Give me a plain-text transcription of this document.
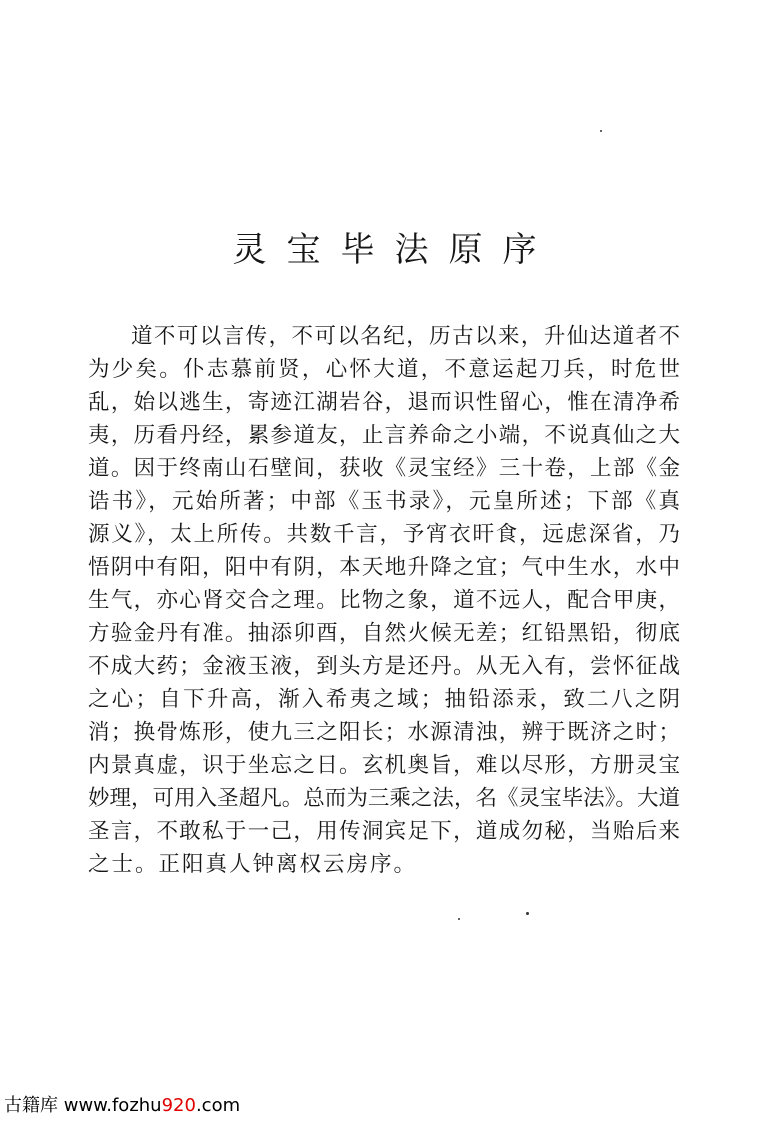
灵宝毕法原序
道不可以言传，不可以名纪，历古以来，升仙达道者不
为少矣。仆志慕前贤，心怀大道，不意运起刀兵，时危世
乱，始以逃生，寄迹江湖岩谷，退而识性留心，惟在清净希
夷，历看丹经，累参道友，止言养命之小端，不说真仙之大
道。因于终南山石壁间，获收《灵宝经》三十卷，上部《金
诰书》，元始所著；中部《玉书录》，元皇所述；下部《真
源义》，太上所传。共数千言，予宵衣旰食，远虑深省，乃
悟阴中有阳，阳中有阴，本天地升降之宜；气中生水，水中
生气，亦心肾交合之理。比物之象，道不远人，配合甲庚，
方验金丹有准。抽添卯酉，自然火候无差；红铅黑铅，彻底
不成大药；金液玉液，到头方是还丹。从无入有，尝怀征战
之心；自下升高，渐入希夷之域；抽铅添汞，致二八之阴
消；换骨炼形，使九三之阳长；水源清浊，辨于既济之时；
内景真虚，识于坐忘之日。玄机奥旨，难以尽形，方册灵宝
妙理，可用入圣超凡。总而为三乘之法，名《灵宝毕法》。大道
圣言，不敢私于一己，用传洞宾足下，道成勿秘，当贻后来
之士。正阳真人钟离权云房序。
古籍库 www.fozhu920.com
